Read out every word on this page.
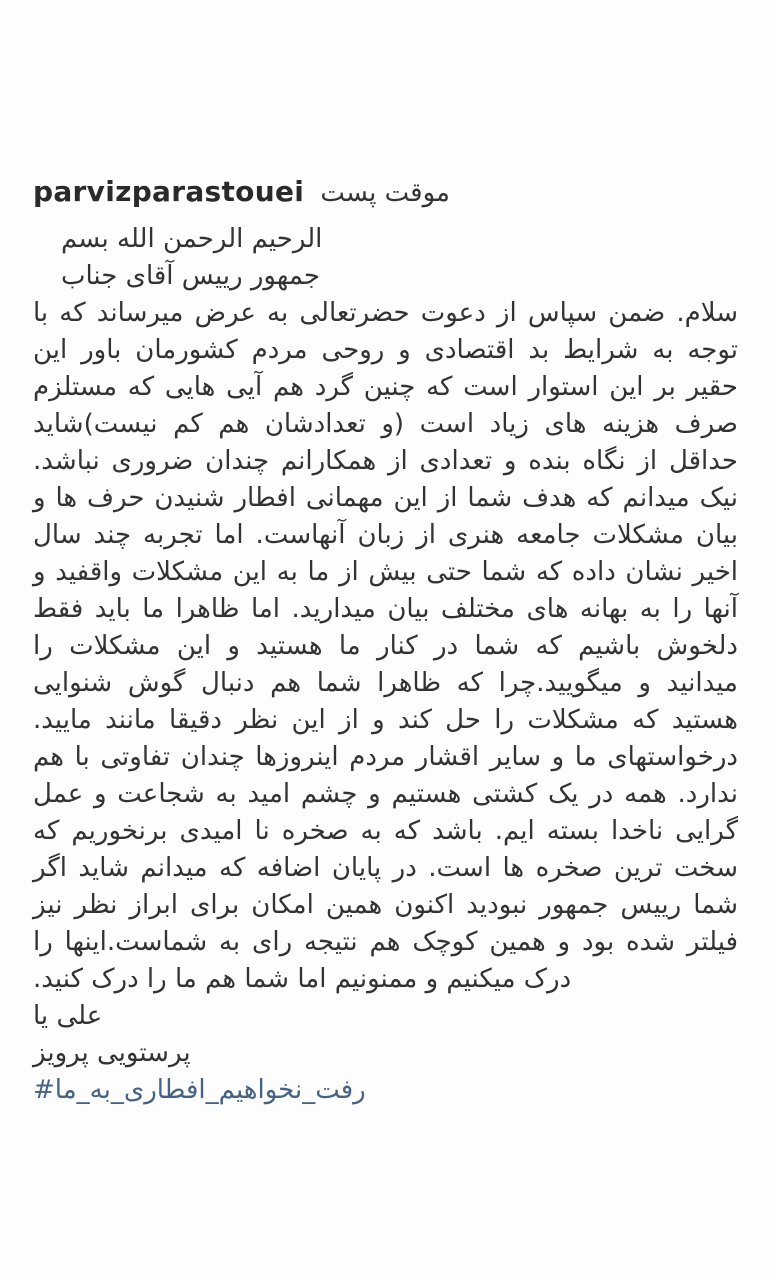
parvizparastouei پست‎ موقت
بسم‎ الله‎ الرحمن‎ الرحیم
جناب‎ آقای‎ رییس‎ جمهور
سلام. ضمن سپاس از دعوت حضرتعالی به عرض میرساند که با
توجه به شرایط بد اقتصادی و روحی مردم کشورمان باور این
حقیر بر این استوار است که چنین گرد هم آیی هایی که مستلزم
صرف هزینه های زیاد است (و تعدادشان هم کم نیست)شاید
حداقل از نگاه بنده و تعدادی از همکارانم چندان ضروری نباشد.
نیک میدانم که هدف شما از این مهمانی افطار شنیدن حرف ها و
بیان مشکلات جامعه هنری از زبان آنهاست. اما تجربه چند سال
اخیر نشان داده که شما حتی بیش از ما به این مشکلات واقفید و
آنها را به بهانه های مختلف بیان میدارید. اما ظاهرا ما باید فقط
دلخوش باشیم که شما در کنار ما هستید و این مشکلات را
میدانید و میگویید.چرا که ظاهرا شما هم دنبال گوش شنوایی
هستید که مشکلات را حل کند و از این نظر دقیقا مانند مایید.
درخواستهای ما و سایر اقشار مردم اینروزها چندان تفاوتی با هم
ندارد. همه در یک کشتی هستیم و چشم امید به شجاعت و عمل
گرایی ناخدا بسته ایم. باشد که به صخره نا امیدی برنخوریم که
سخت ترین صخره ها است. در پایان اضافه که میدانم شاید اگر
شما رییس جمهور نبودید اکنون همین امکان برای ابراز نظر نیز
فیلتر شده بود و همین کوچک هم نتیجه رای به شماست.اینها را
درک میکنیم و ممنونیم اما شما هم ما را درک کنید.
یا‎ علی
پرویز‎ پرستویی
#ما‎_به‎_افطاری‎_نخواهیم‎_رفت
